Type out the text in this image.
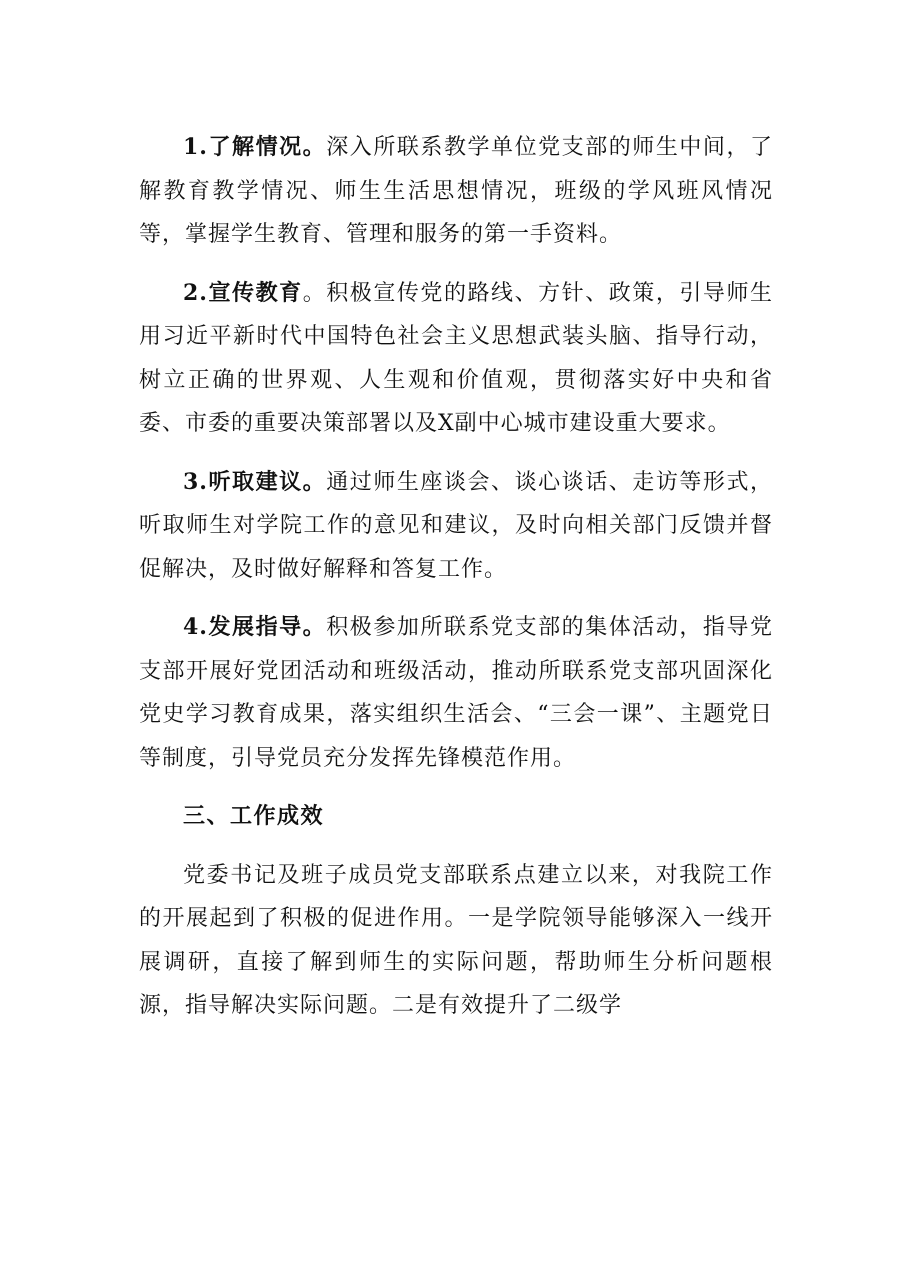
1.了解情况。深入所联系教学单位党支部的师生中间，了解教育教学情况、师生生活思想情况，班级的学风班风情况等，掌握学生教育、管理和服务的第一手资料。

2.宣传教育。积极宣传党的路线、方针、政策，引导师生用习近平新时代中国特色社会主义思想武装头脑、指导行动，树立正确的世界观、人生观和价值观，贯彻落实好中央和省委、市委的重要决策部署以及X副中心城市建设重大要求。

3.听取建议。通过师生座谈会、谈心谈话、走访等形式，听取师生对学院工作的意见和建议，及时向相关部门反馈并督促解决，及时做好解释和答复工作。

4.发展指导。积极参加所联系党支部的集体活动，指导党支部开展好党团活动和班级活动，推动所联系党支部巩固深化党史学习教育成果，落实组织生活会、“三会一课”、主题党日等制度，引导党员充分发挥先锋模范作用。

三、工作成效

党委书记及班子成员党支部联系点建立以来，对我院工作的开展起到了积极的促进作用。一是学院领导能够深入一线开展调研，直接了解到师生的实际问题，帮助师生分析问题根源，指导解决实际问题。二是有效提升了二级学
